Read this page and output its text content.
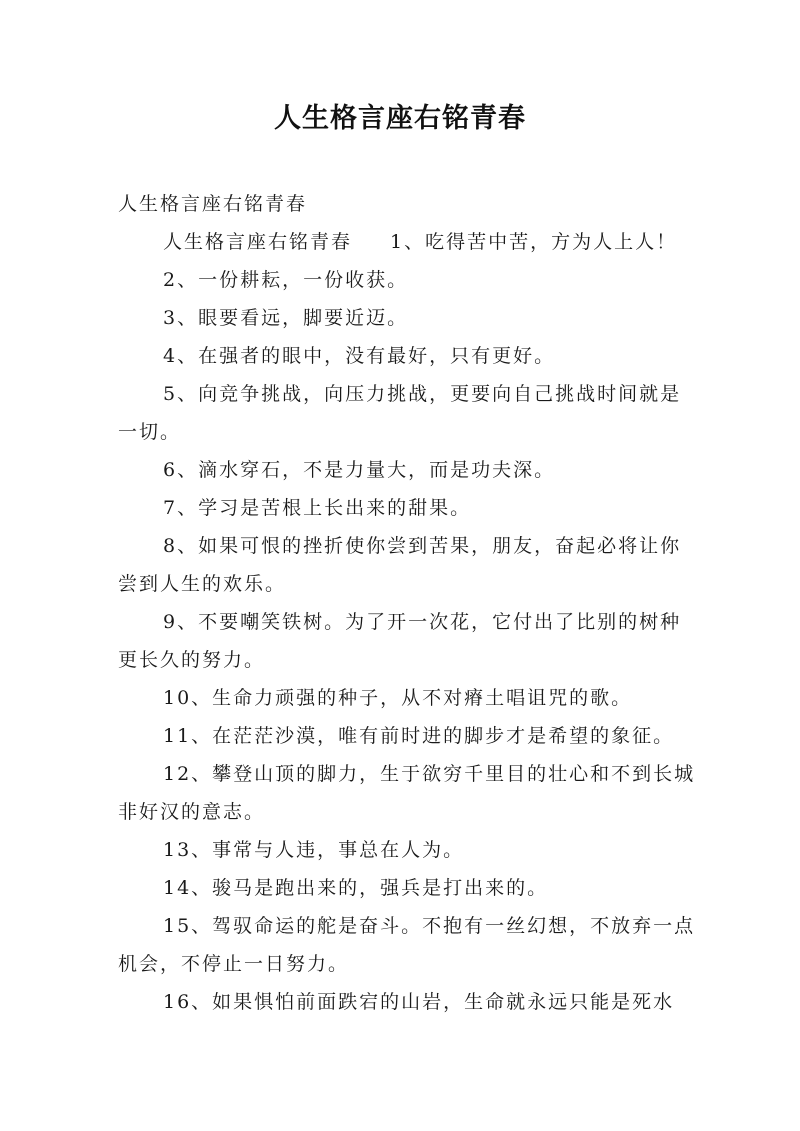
人生格言座右铭青春

人生格言座右铭青春

人生格言座右铭青春 1、吃得苦中苦，方为人上人！

2、一份耕耘，一份收获。

3、眼要看远，脚要近迈。

4、在强者的眼中，没有最好，只有更好。

5、向竞争挑战，向压力挑战，更要向自己挑战时间就是一切。

6、滴水穿石，不是力量大，而是功夫深。

7、学习是苦根上长出来的甜果。

8、如果可恨的挫折使你尝到苦果，朋友，奋起必将让你尝到人生的欢乐。

9、不要嘲笑铁树。为了开一次花，它付出了比别的树种更长久的努力。

10、生命力顽强的种子，从不对瘠土唱诅咒的歌。

11、在茫茫沙漠，唯有前时进的脚步才是希望的象征。

12、攀登山顶的脚力，生于欲穷千里目的壮心和不到长城非好汉的意志。

13、事常与人违，事总在人为。

14、骏马是跑出来的，强兵是打出来的。

15、驾驭命运的舵是奋斗。不抱有一丝幻想，不放弃一点机会，不停止一日努力。

16、如果惧怕前面跌宕的山岩，生命就永远只能是死水
